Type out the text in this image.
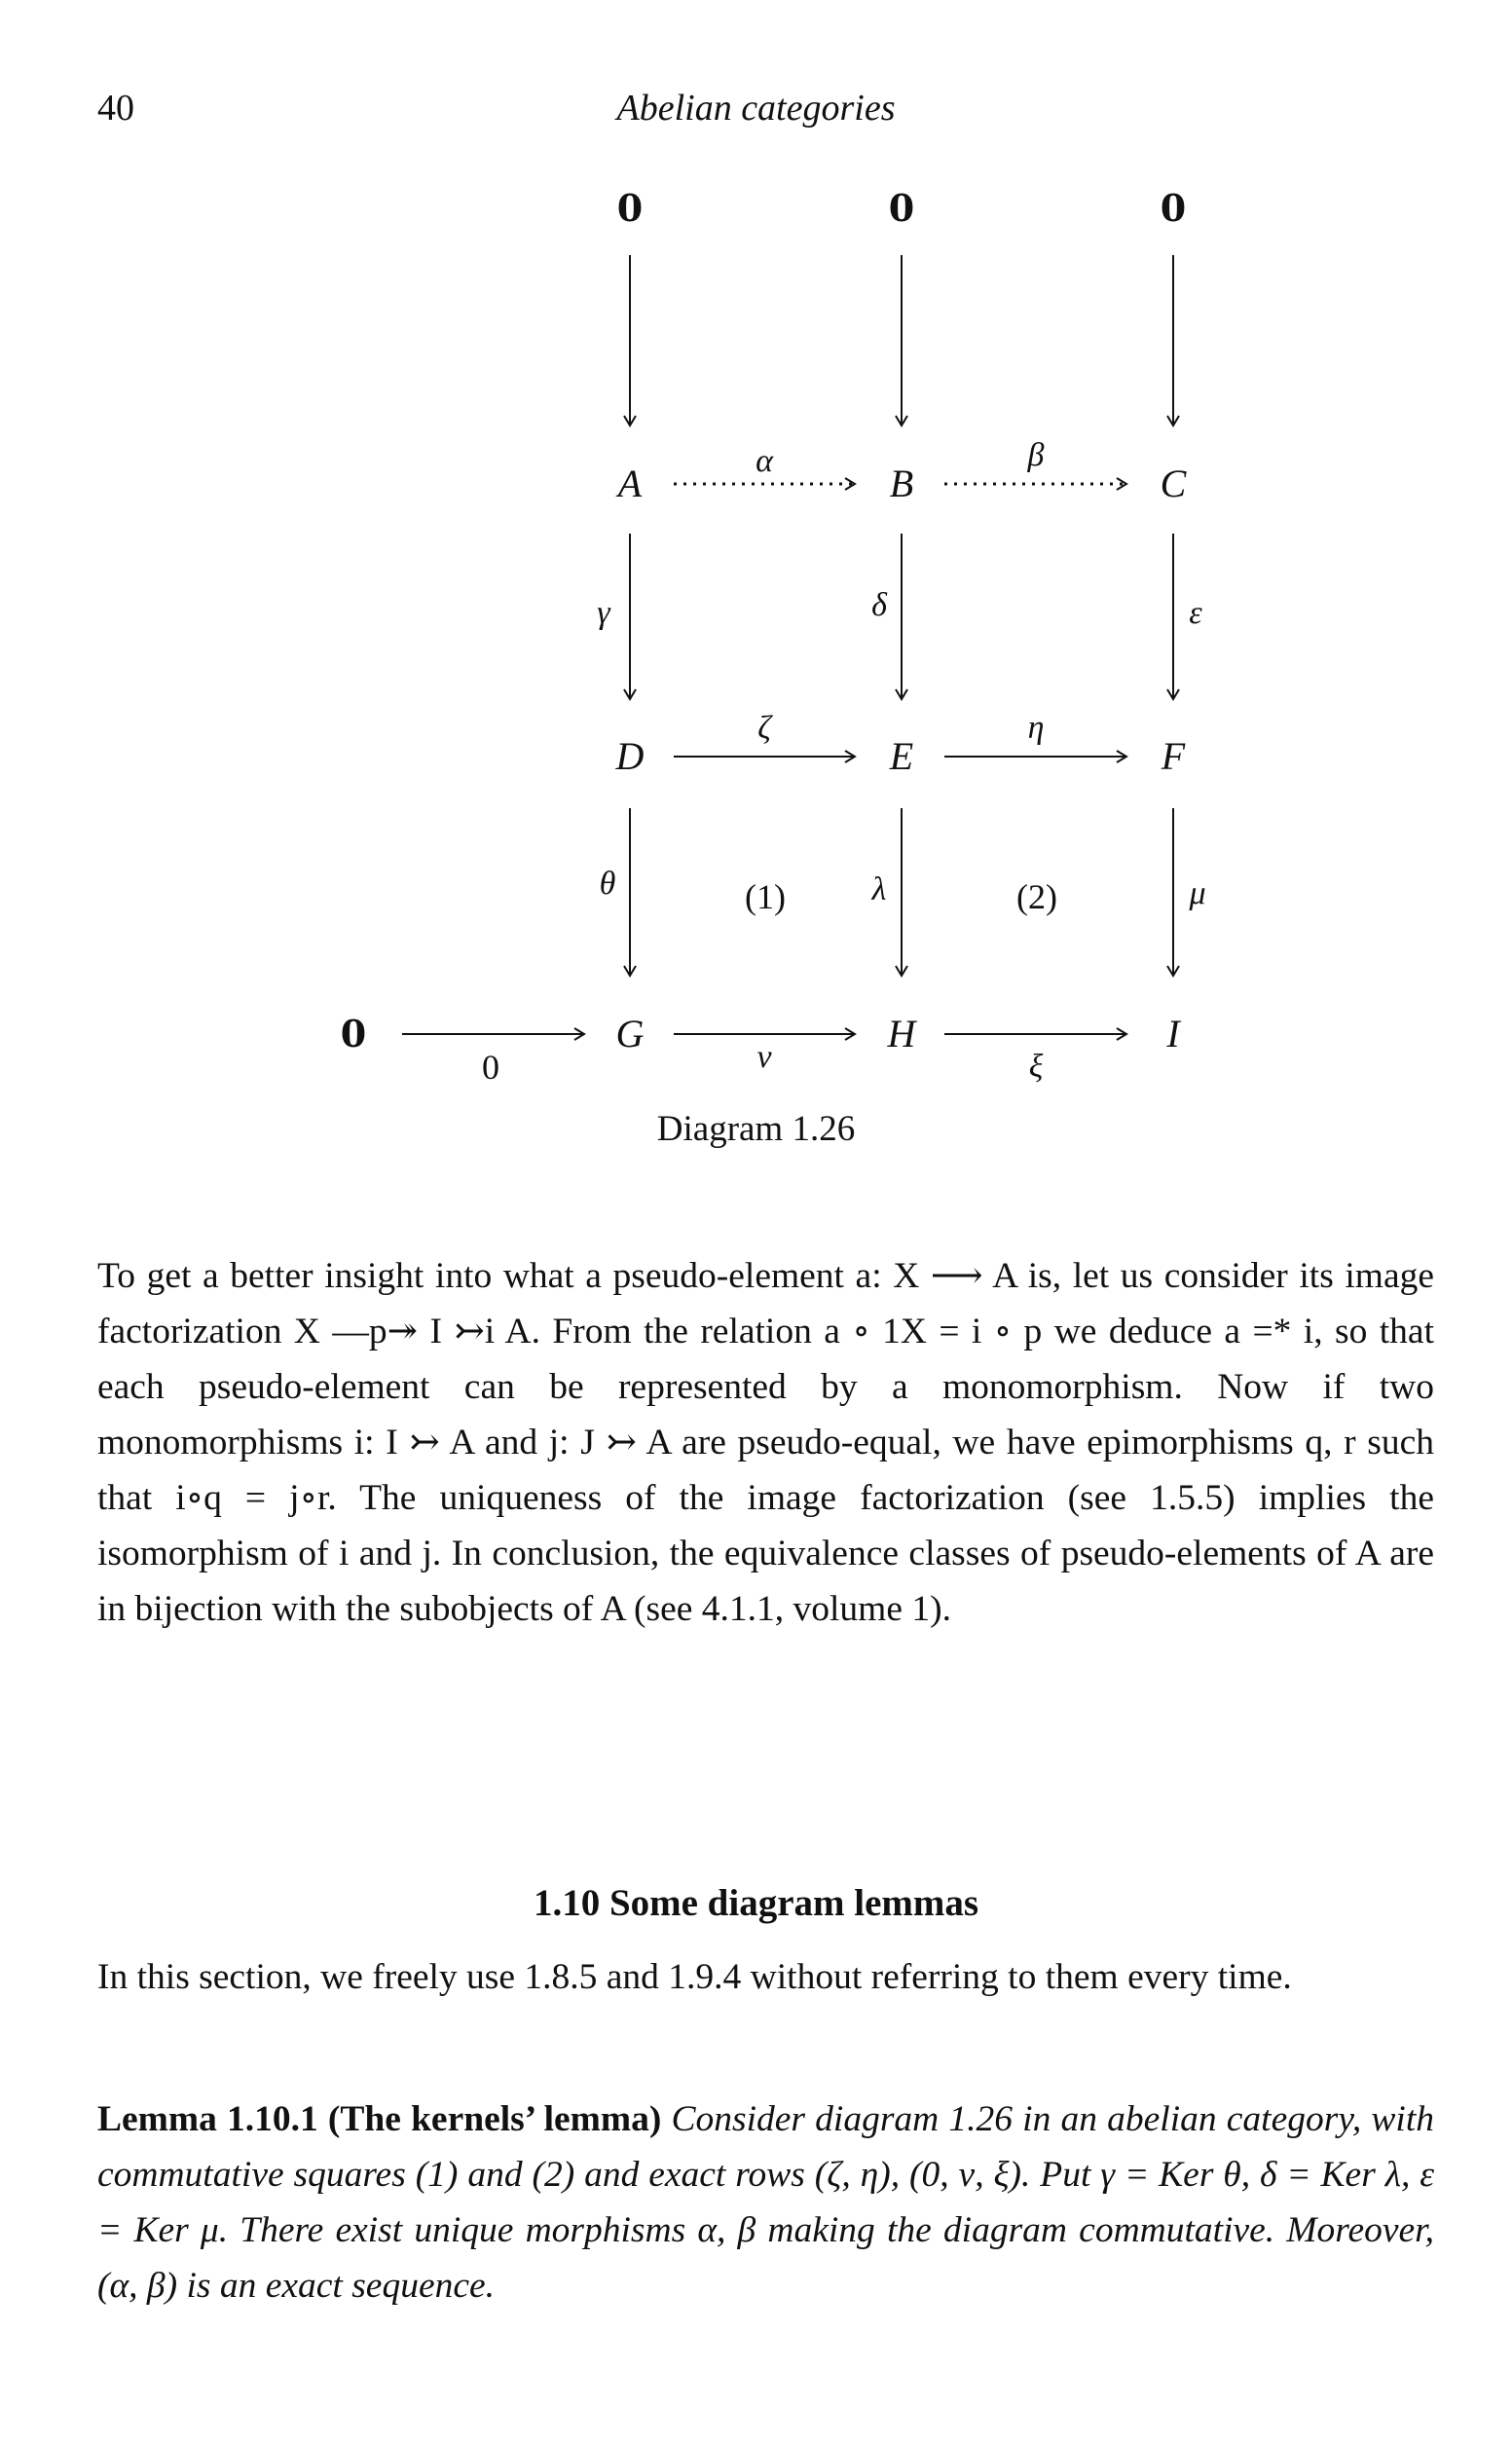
40	Abelian categories
0	0	0
A	B	C
α	β
γ	δ	ε
D	E	F
ζ	η
θ	λ	μ
(1)	(2)
0	G	H	I
0	ν	ξ
Diagram 1.26

To get a better insight into what a pseudo-element a: X ⟶ A is, let us consider its image factorization X —p↠ I ↣i A. From the relation a ∘ 1X = i ∘ p we deduce a =* i, so that each pseudo-element can be represented by a monomorphism. Now if two monomorphisms i: I ↣ A and j: J ↣ A are pseudo-equal, we have epimorphisms q, r such that i∘q = j∘r. The uniqueness of the image factorization (see 1.5.5) implies the isomorphism of i and j. In conclusion, the equivalence classes of pseudo-elements of A are in bijection with the subobjects of A (see 4.1.1, volume 1).

1.10 Some diagram lemmas

In this section, we freely use 1.8.5 and 1.9.4 without referring to them every time.

Lemma 1.10.1 (The kernels’ lemma) Consider diagram 1.26 in an abelian category, with commutative squares (1) and (2) and exact rows (ζ, η), (0, ν, ξ). Put γ = Ker θ, δ = Ker λ, ε = Ker μ. There exist unique morphisms α, β making the diagram commutative. Moreover, (α, β) is an exact sequence.
